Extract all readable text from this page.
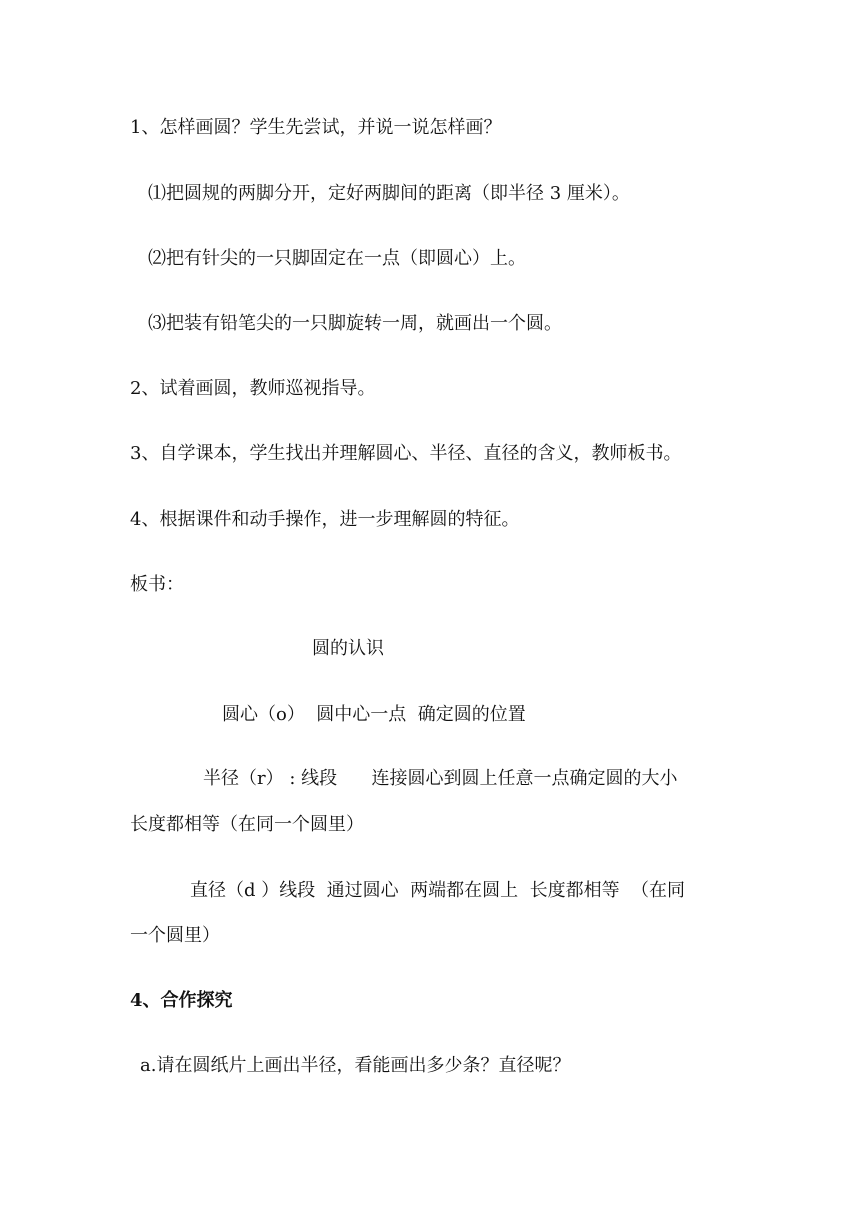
1、怎样画圆？学生先尝试，并说一说怎样画？
⑴把圆规的两脚分开，定好两脚间的距离（即半径 3 厘米）。
⑵把有针尖的一只脚固定在一点（即圆心）上。
⑶把装有铅笔尖的一只脚旋转一周，就画出一个圆。
2、试着画圆，教师巡视指导。
3、自学课本，学生找出并理解圆心、半径、直径的含义，教师板书。
4、根据课件和动手操作，进一步理解圆的特征。
板书：
圆的认识
圆心（o）  圆中心一点  确定圆的位置
半径（r） : 线段      连接圆心到圆上任意一点确定圆的大小
长度都相等（在同一个圆里）
直径（d ）线段  通过圆心  两端都在圆上  长度都相等  （在同
一个圆里）
4、合作探究
a.请在圆纸片上画出半径，看能画出多少条？直径呢？
